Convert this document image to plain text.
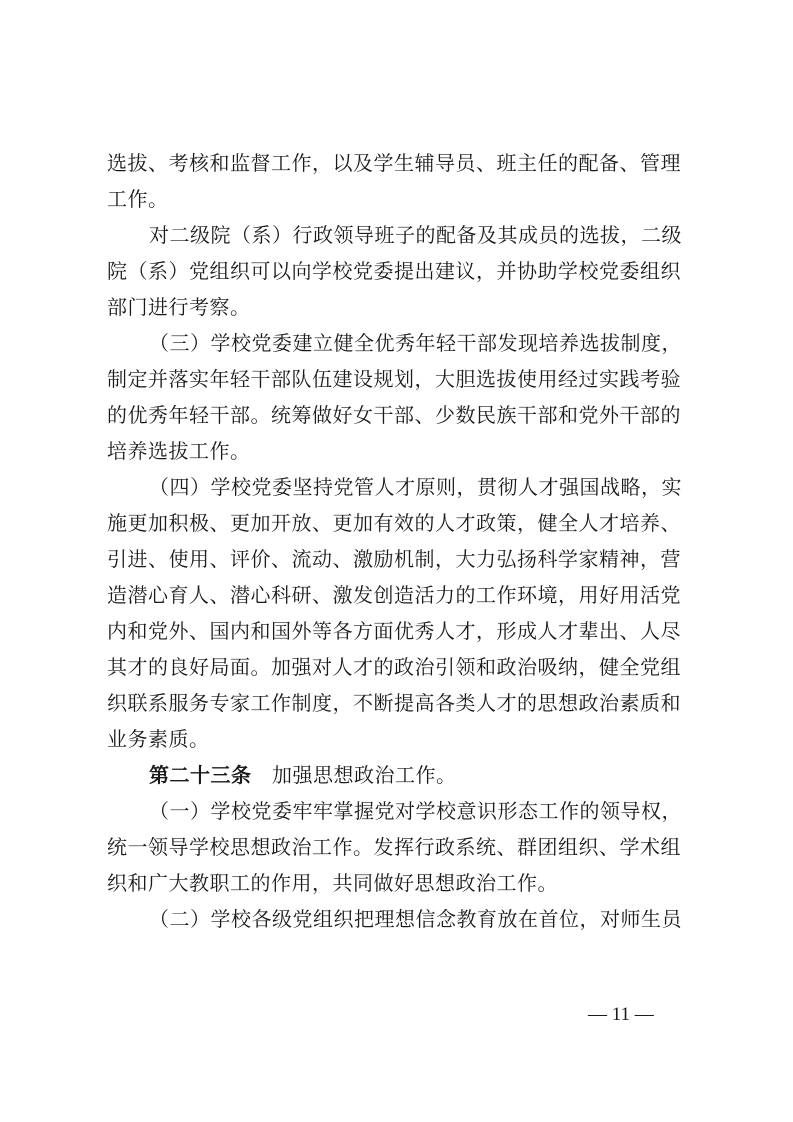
选拔、考核和监督工作，以及学生辅导员、班主任的配备、管理
工作。

对二级院（系）行政领导班子的配备及其成员的选拔，二级
院（系）党组织可以向学校党委提出建议，并协助学校党委组织
部门进行考察。

（三）学校党委建立健全优秀年轻干部发现培养选拔制度，
制定并落实年轻干部队伍建设规划，大胆选拔使用经过实践考验
的优秀年轻干部。统筹做好女干部、少数民族干部和党外干部的
培养选拔工作。

（四）学校党委坚持党管人才原则，贯彻人才强国战略，实
施更加积极、更加开放、更加有效的人才政策，健全人才培养、
引进、使用、评价、流动、激励机制，大力弘扬科学家精神，营
造潜心育人、潜心科研、激发创造活力的工作环境，用好用活党
内和党外、国内和国外等各方面优秀人才，形成人才辈出、人尽
其才的良好局面。加强对人才的政治引领和政治吸纳，健全党组
织联系服务专家工作制度，不断提高各类人才的思想政治素质和
业务素质。

第二十三条　 加强思想政治工作。

（一）学校党委牢牢掌握党对学校意识形态工作的领导权，
统一领导学校思想政治工作。发挥行政系统、群团组织、学术组
织和广大教职工的作用，共同做好思想政治工作。

（二）学校各级党组织把理想信念教育放在首位，对师生员

— 11 —
